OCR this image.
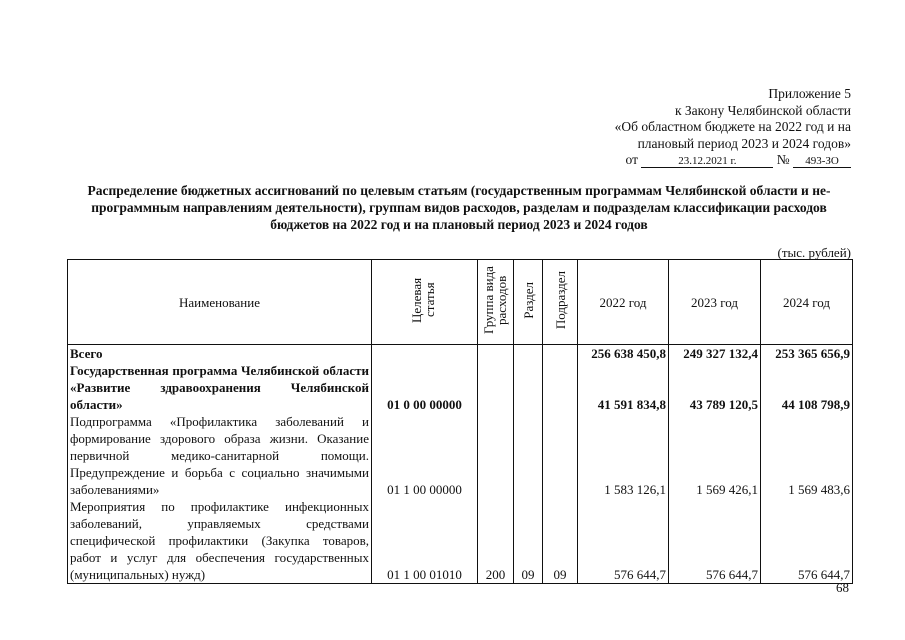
Приложение 5
к Закону Челябинской области
«Об областном бюджете на 2022 год и на
плановый период 2023 и 2024 годов»
от	23.12.2021 г.	№ 493-ЗО
Распределение бюджетных ассигнований по целевым статьям (государственным программам Челябинской области и не-
программным направлениям деятельности), группам видов расходов, разделам и подразделам классификации расходов
бюджетов на 2022 год и на плановый период 2023 и 2024 годов
(тыс. рублей)
Наименование	Целевая статья	Группа вида расходов	Раздел	Подраздел	2022 год	2023 год	2024 год
Всего					256 638 450,8	249 327 132,4	253 365 656,9
Государственная программа Челябинской области «Развитие здравоохранения Челябинской области»	01 0 00 00000				41 591 834,8	43 789 120,5	44 108 798,9
Подпрограмма «Профилактика заболеваний и формирование здорового образа жизни. Оказание первичной медико-санитарной помощи. Предупреждение и борьба с социально значимыми заболеваниями»	01 1 00 00000				1 583 126,1	1 569 426,1	1 569 483,6
Мероприятия по профилактике инфекционных заболеваний, управляемых средствами специфической профилактики (Закупка товаров, работ и услуг для обеспечения государственных (муниципальных) нужд)	01 1 00 01010	200	09	09	576 644,7	576 644,7	576 644,7
68
